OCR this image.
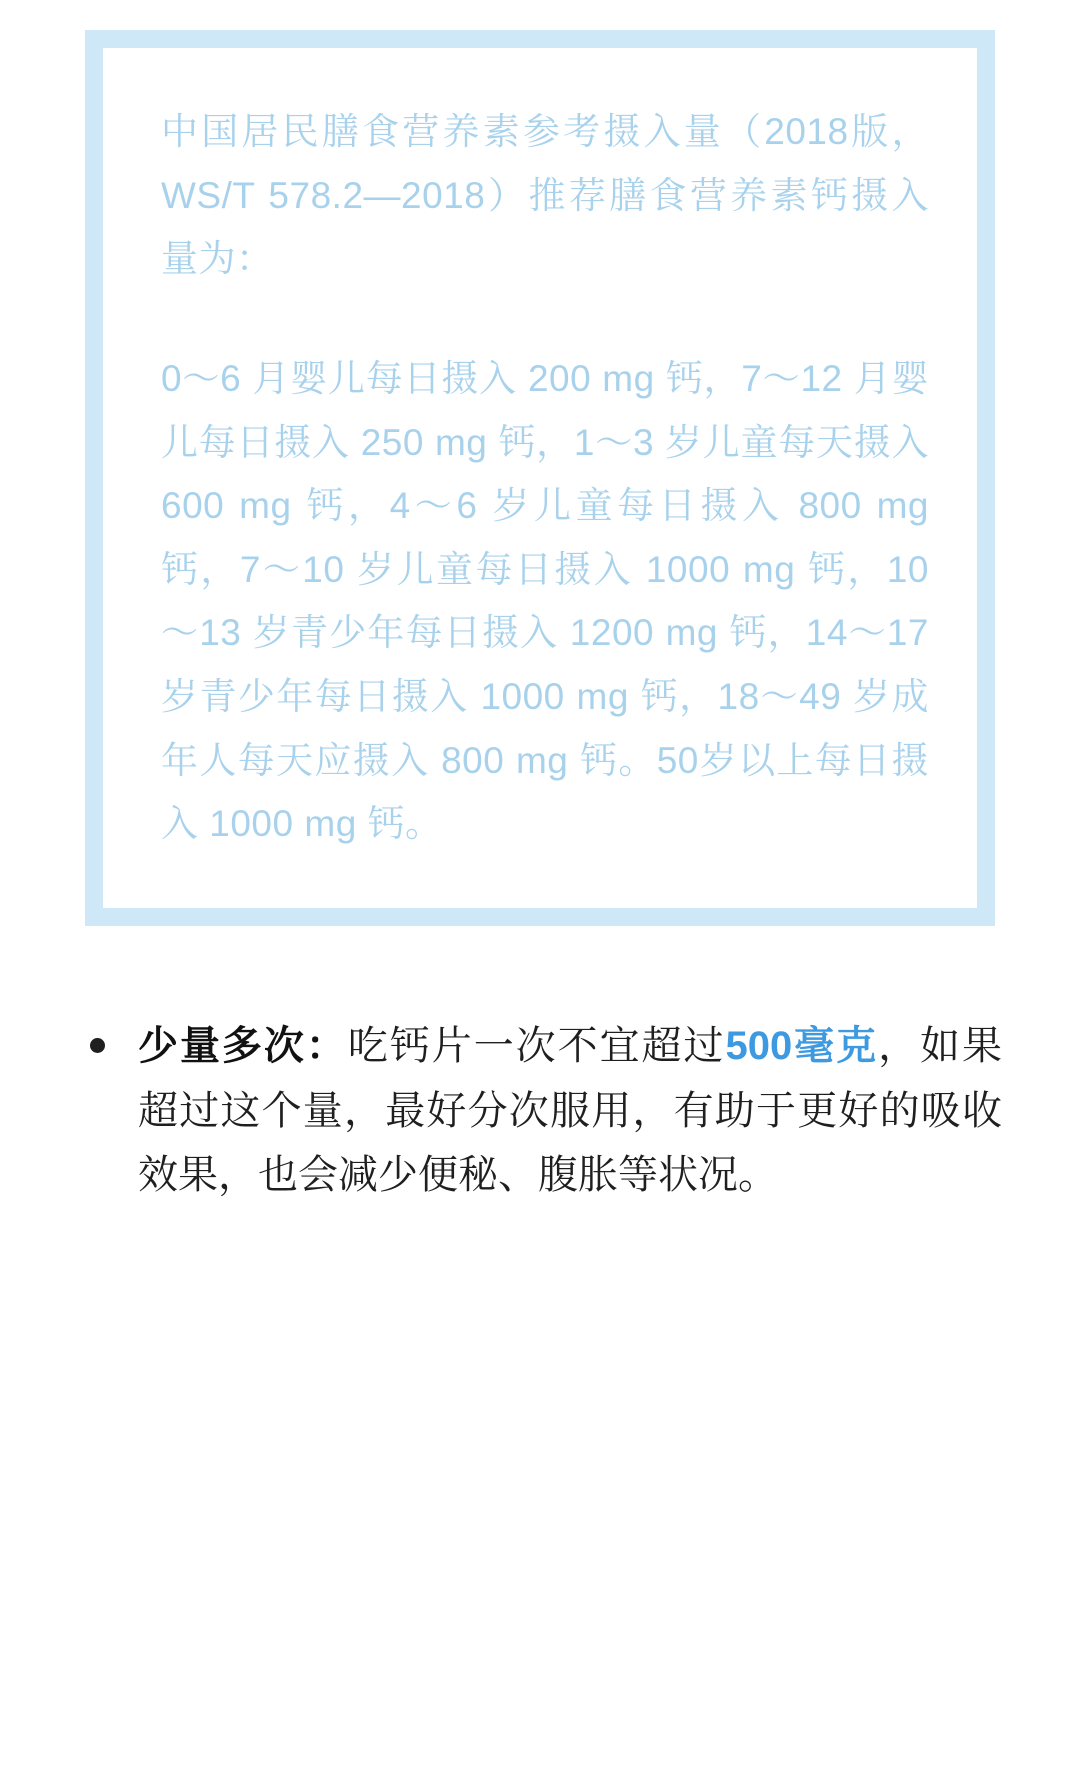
中国居民膳食营养素参考摄入量（2018版，WS/T 578.2—2018）推荐膳食营养素钙摄入量为：

0～6 月婴儿每日摄入 200 mg 钙，7～12 月婴儿每日摄入 250 mg 钙，1～3 岁儿童每天摄入 600 mg 钙，4～6 岁儿童每日摄入 800 mg 钙，7～10 岁儿童每日摄入 1000 mg 钙，10～13 岁青少年每日摄入 1200 mg 钙，14～17 岁青少年每日摄入 1000 mg 钙，18～49 岁成年人每天应摄入 800 mg 钙。50岁以上每日摄入 1000 mg 钙。

少量多次：吃钙片一次不宜超过500毫克，如果超过这个量，最好分次服用，有助于更好的吸收效果，也会减少便秘、腹胀等状况。
